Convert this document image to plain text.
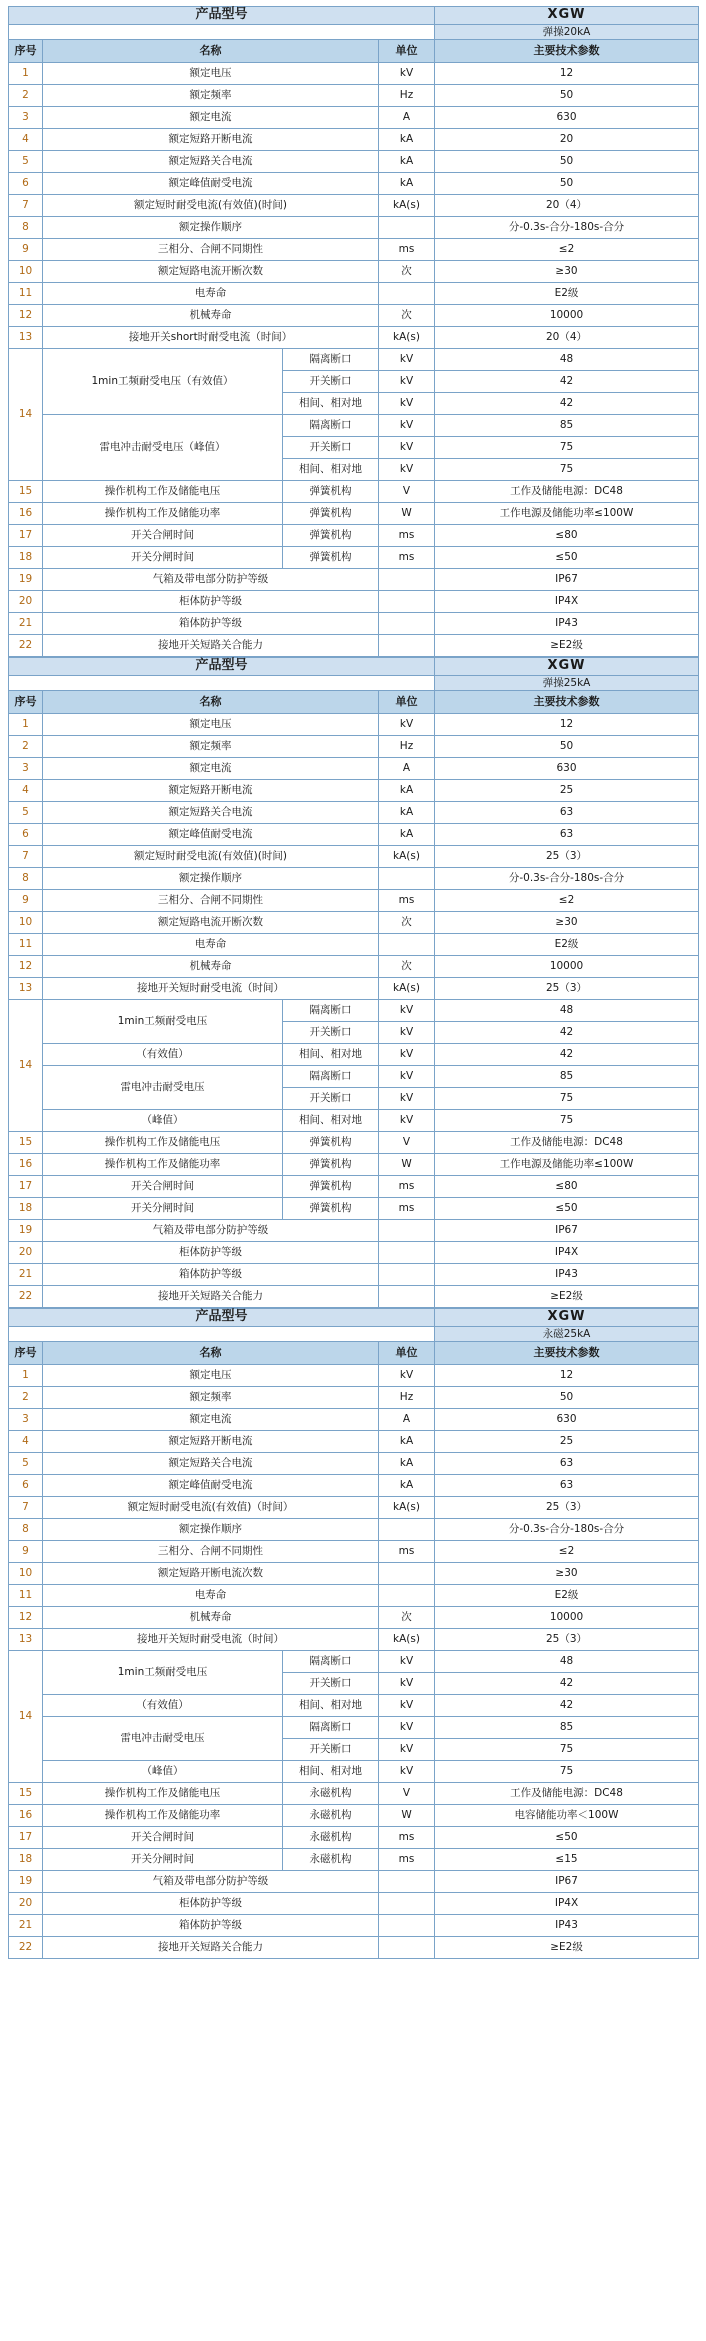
产品型号				XGW
				弹操20kA
序号	名称		单位	主要技术参数
1	额定电压		kV	12
2	额定频率		Hz	50
3	额定电流		A	630
4	额定短路开断电流		kA	20
5	额定短路关合电流		kA	50
6	额定峰值耐受电流		kA	50
7	额定短时耐受电流(有效值)(时间)		kA(s)	20（4）
8	额定操作顺序			分-0.3s-合分-180s-合分
9	三相分、合闸不同期性		ms	≤2
10	额定短路电流开断次数		次	≥30
11	电寿命			E2级
12	机械寿命		次	10000
13	接地开关short时耐受电流（时间）		kA(s)	20（4）
14	1min工频耐受电压（有效值）	隔离断口	kV	48
		开关断口	kV	42
		相间、相对地	kV	42
	雷电冲击耐受电压（峰值）	隔离断口	kV	85
		开关断口	kV	75
		相间、相对地	kV	75
15	操作机构工作及储能电压	弹簧机构	V	工作及储能电源：DC48
16	操作机构工作及储能功率	弹簧机构	W	工作电源及储能功率≤100W
17	开关合闸时间	弹簧机构	ms	≤80
18	开关分闸时间	弹簧机构	ms	≤50
19	气箱及带电部分防护等级			IP67
20	柜体防护等级			IP4X
21	箱体防护等级			IP43
22	接地开关短路关合能力			≥E2级
产品型号				XGW
				弹操25kA
序号	名称		单位	主要技术参数
1	额定电压		kV	12
2	额定频率		Hz	50
3	额定电流		A	630
4	额定短路开断电流		kA	25
5	额定短路关合电流		kA	63
6	额定峰值耐受电流		kA	63
7	额定短时耐受电流(有效值)(时间)		kA(s)	25（3）
8	额定操作顺序			分-0.3s-合分-180s-合分
9	三相分、合闸不同期性		ms	≤2
10	额定短路电流开断次数		次	≥30
11	电寿命			E2级
12	机械寿命		次	10000
13	接地开关短时耐受电流（时间）		kA(s)	25（3）
14	1min工频耐受电压	隔离断口	kV	48
		开关断口	kV	42
	（有效值）	相间、相对地	kV	42
	雷电冲击耐受电压	隔离断口	kV	85
		开关断口	kV	75
	（峰值）	相间、相对地	kV	75
15	操作机构工作及储能电压	弹簧机构	V	工作及储能电源：DC48
16	操作机构工作及储能功率	弹簧机构	W	工作电源及储能功率≤100W
17	开关合闸时间	弹簧机构	ms	≤80
18	开关分闸时间	弹簧机构	ms	≤50
19	气箱及带电部分防护等级			IP67
20	柜体防护等级			IP4X
21	箱体防护等级			IP43
22	接地开关短路关合能力			≥E2级
产品型号				XGW
				永磁25kA
序号	名称		单位	主要技术参数
1	额定电压		kV	12
2	额定频率		Hz	50
3	额定电流		A	630
4	额定短路开断电流		kA	25
5	额定短路关合电流		kA	63
6	额定峰值耐受电流		kA	63
7	额定短时耐受电流(有效值)（时间）		kA(s)	25（3）
8	额定操作顺序			分-0.3s-合分-180s-合分
9	三相分、合闸不同期性		ms	≤2
10	额定短路开断电流次数			≥30
11	电寿命			E2级
12	机械寿命		次	10000
13	接地开关短时耐受电流（时间）		kA(s)	25（3）
14	1min工频耐受电压	隔离断口	kV	48
		开关断口	kV	42
	（有效值）	相间、相对地	kV	42
	雷电冲击耐受电压	隔离断口	kV	85
		开关断口	kV	75
	（峰值）	相间、相对地	kV	75
15	操作机构工作及储能电压	永磁机构	V	工作及储能电源：DC48
16	操作机构工作及储能功率	永磁机构	W	电容储能功率＜100W
17	开关合闸时间	永磁机构	ms	≤50
18	开关分闸时间	永磁机构	ms	≤15
19	气箱及带电部分防护等级			IP67
20	柜体防护等级			IP4X
21	箱体防护等级			IP43
22	接地开关短路关合能力			≥E2级
